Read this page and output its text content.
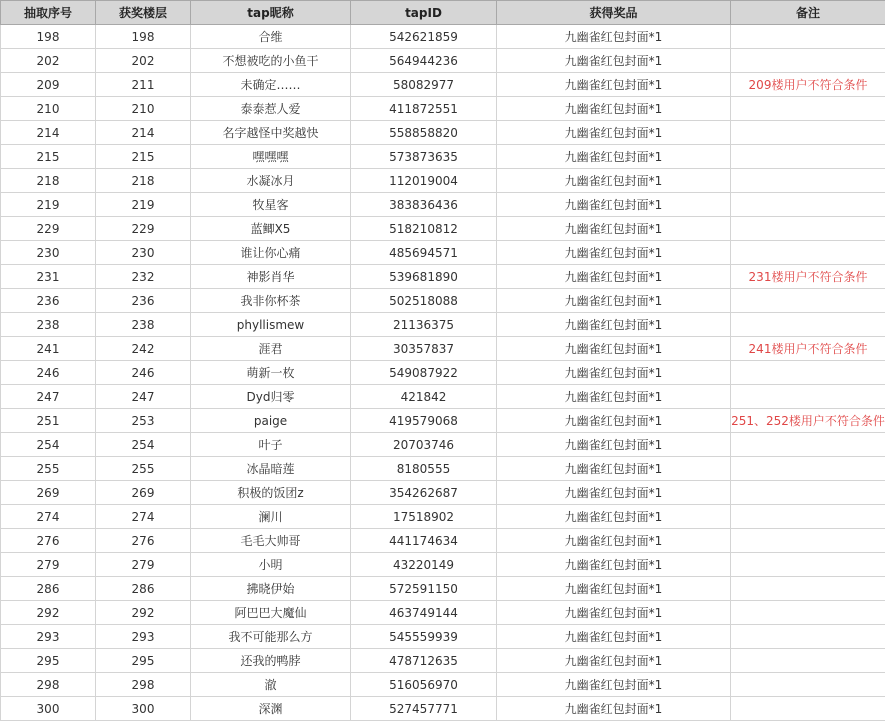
抽取序号	获奖楼层	tap昵称	tapID	获得奖品	备注
198	198	合维	542621859	九幽雀红包封面*1	
202	202	不想被吃的小鱼干	564944236	九幽雀红包封面*1	
209	211	未确定……	58082977	九幽雀红包封面*1	209楼用户不符合条件
210	210	泰泰惹人爱	411872551	九幽雀红包封面*1	
214	214	名字越怪中奖越快	558858820	九幽雀红包封面*1	
215	215	嘿嘿嘿	573873635	九幽雀红包封面*1	
218	218	水凝冰月	112019004	九幽雀红包封面*1	
219	219	牧星客	383836436	九幽雀红包封面*1	
229	229	蓝鲫X5	518210812	九幽雀红包封面*1	
230	230	谁让你心痛	485694571	九幽雀红包封面*1	
231	232	神影肖华	539681890	九幽雀红包封面*1	231楼用户不符合条件
236	236	我非你杯茶	502518088	九幽雀红包封面*1	
238	238	phyllismew	21136375	九幽雀红包封面*1	
241	242	涯君	30357837	九幽雀红包封面*1	241楼用户不符合条件
246	246	萌新一枚	549087922	九幽雀红包封面*1	
247	247	Dyd归零	421842	九幽雀红包封面*1	
251	253	paige	419579068	九幽雀红包封面*1	251、252楼用户不符合条件
254	254	叶子	20703746	九幽雀红包封面*1	
255	255	冰晶暗莲	8180555	九幽雀红包封面*1	
269	269	积极的饭团z	354262687	九幽雀红包封面*1	
274	274	澜川	17518902	九幽雀红包封面*1	
276	276	毛毛大帅哥	441174634	九幽雀红包封面*1	
279	279	小明	43220149	九幽雀红包封面*1	
286	286	拂晓伊始	572591150	九幽雀红包封面*1	
292	292	阿巴巴大魔仙	463749144	九幽雀红包封面*1	
293	293	我不可能那么方	545559939	九幽雀红包封面*1	
295	295	还我的鸭脖	478712635	九幽雀红包封面*1	
298	298	澈	516056970	九幽雀红包封面*1	
300	300	深渊	527457771	九幽雀红包封面*1	
